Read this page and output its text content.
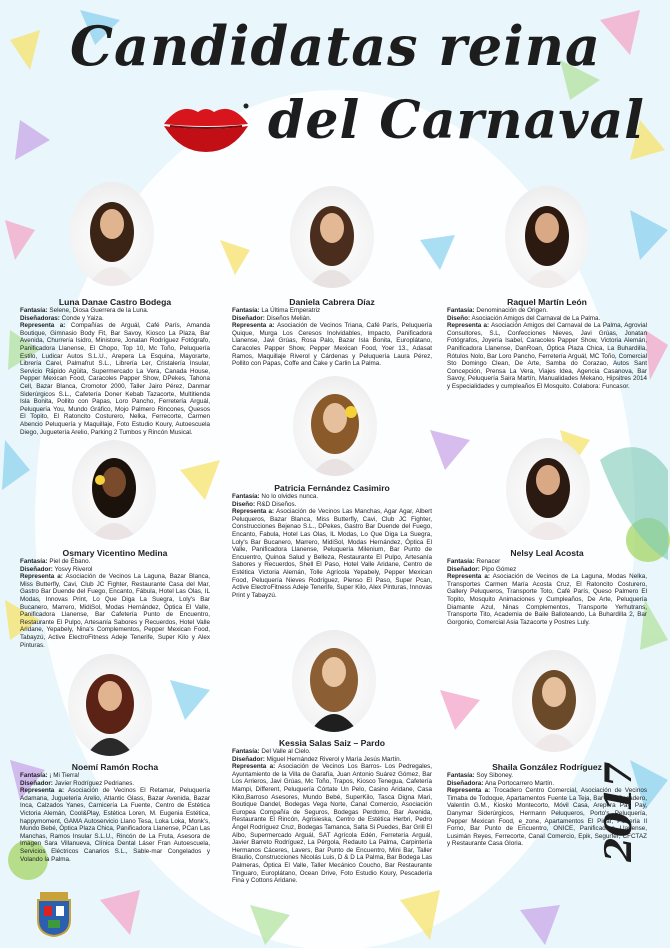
Candidatas reina
del Carnaval
Luna Danae Castro Bodega

Fantasía: Selene, Diosa Guerrera de la Luna.

Diseñadoras: Conde y Yaiza.

Representa a: Compañías de Arguál, Café París, Amanda Boutique, Gimnasio Body Fit, Bar Savoy, Kiosco La Plaza, Bar Avenida, Churrería Isidro, Ministore, Jonatan Rodríguez Fotógrafo, Panificadora Llanense, El Chopo, Top 10, Mc Toño, Peluquería Estilo, Ludicar Autos S.L.U., Arepera La Esquina, Mayorarte, Librería Carel, Palmafrut S.L., Librería Ler, Cristalería Insular, Servicio Rápido Agüita, Supermercado La Vera, Canada House, Pepper Mexican Food, Caracoles Papper Show, DPekes, Tahona Cell, Bazar Blanca, Cromotor 2000, Taller Jairo Pérez, Danmar Siderúrgicos S.L., Cafetería Doner Kebab Tazacorte, Multitienda Isla Bonita, Pollito con Papas, Loro Pancho, Ferretería Arguál, Peluquería You, Mundo Gráfico, Mojo Palmero Rincones, Quesos El Topito, El Ratoncito Costurero, Nelka, Ferrecorte, Carmen Abencio Peluquería y Maquillaje, Foto Estudio Koury, Autoescuela Diego, Juguetería Arelio, Parking 2 Tumbos y Rincón Musical.

Daniela Cabrera Díaz

Fantasía: La Última Emperatriz

Diseñador: Diseños Melián.

Representa a: Asociación de Vecinos Triana, Café París, Peluquería Quique, Murga Los Ceresos Inolvidables, Impacto, Panificadora Llanense, Javi Grúas, Rosa Palo, Bazar Isla Bonita, Europlátano, Caracoles Papper Show, Pepper Mexican Food, Yoer 13., Adasat Ramos, Maquillaje Riverol y Cárdenas y Peluquería Laura Pérez, Pollito con Papas, Coffe and Cake y Carlin La Palma.

Raquel Martín León

Fantasía: Denominación de Origen.

Diseño: Asociación Amigos del Carnaval de La Palma.

Representa a: Asociación Amigos del Carnaval de La Palma, Agrovial Consultores, S.L, Confecciones Nieves, Javi Grúas, Jonatan Fotógrafos, Joyería Isabel, Caracoles Papper Show, Victoria Alemán, Panificadora Llanense, DanRoan, Óptica Plaza Chica, La Buhardilla, Rótulos Nolo, Bar Loro Pancho, Ferretería Arguál, MC Toño, Comercial Sto Domingo Clean, De Arte, Samba do Corazao, Autos Sant Concepción, Prensa La Vera, Viajes Idea, Agencia Casanova, Bar Savoy, Peluquería Saira Martín, Manualidades Mekano, Hipsitres 2014 y Especialidades y cumpleaños El Mosquito. Colabora: Funcasor.

Patricia Fernández Casimiro

Fantasía: No lo olvides nunca.

Diseño: R&D Diseños.

Representa a: Asociación de Vecinos Las Manchas, Agar Agar, Albert Peluqueros, Bazar Blanca, Miss Butterfly, Cavi, Club JC Fighter, Construcciones Bejenao S.L., DPekes, Gastro Bar Duende del Fuego, Encanto, Fabula, Hotel Las Olas, IL Modas, Lo Que Diga La Suegra, Loly's Bar Bucanero, Marrero, MidiSol, Modas Hernández, Óptica El Valle, Panificadora Llanense, Peluquería Milenium, Bar Punto de Encuentro, Quinoa Salud y Belleza, Restaurante El Pulpo, Artesanía Sabores y Recuerdos, Shell El Paso, Hotel Valle Aridane, Centro de Estética Victoria Alemán, Tolle Agrícola Yepabely, Pepper Mexican Food, Peluquería Nieves Rodríguez, Pienso El Paso, Super Pcan, Active ElectroFitness Adeje Tenerife, Super Kilo, Alex Pinturas, Innovas Print y Tabayzú.

Osmary Vicentino Medina

Fantasía: Piel de Ébano.

Diseñador: Yosvy Riverol

Representa a: Asociación de Vecinos La Laguna, Bazar Blanca, Miss Butterfly, Cavi, Club JC Fighter, Restaurante Casa del Mar, Gastro Bar Duende del Fuego, Encanto, Fábula, Hotel Las Olas, IL Modas, Innovas Print, Lo Que Diga La Suegra, Loly's Bar Bucanero, Marrero, MidiSol, Modas Hernández, Óptica El Valle, Panificadora Llanense, Bar Cafetería Punto de Encuentro, Restaurante El Pulpo, Artesanía Sabores y Recuerdos, Hotel Valle Aridane, Yepabely, Nina's Complementos, Pepper Mexican Food, Tabayzú, Active ElectroFitness Adeje Tenerife, Super Kilo y Alex Pinturas.

Nelsy Leal Acosta

Fantasía: Renacer

Diseñador: Pipo Gómez

Representa a: Asociación de Vecinos de La Laguna, Modas Nelka, Transportes Carmen María Acosta Cruz, El Ratoncito Costurero, Gallery Peluqueros, Transporte Toto, Café París, Queso Palmero El Topito, Mosquito Animaciones y Cumpleaños, De Arte, Peluquería Diamante Azul, Ninas Complementos, Transporte Yerhutrans, Transporte Tito, Academia de Baile Balloteando, La Buhardilla 2, Bar Gorgonio, Comercial Asia Tazacorte y Postres Luly.

Noemí Ramón Rocha

Fantasía: ¡ Mi Tierra!

Diseñador: Javier Rodríguez Pedrianes.

Representa a: Asociación de Vecinos El Retamar, Peluquería Adamana, Juguetería Arelio, Atlantic Glass, Bazar Avenida, Bazar Inca, Calzados Yanes, Carnicería La Fuente, Centro de Estética Victoria Alemán, Cool&Play, Estética Loren, M. Eugenia Estética, happymoment, GAMA Autoservicio Llano Tesa, Loka Loka, Monk's, Mundo Bebé, Óptica Plaza Chica, Panificadora Llanense, PCan Las Manchas, Ramos Insular S.L.U., Rincón de La Fruta, Asesora de Imagen Sara Villanueva, Clínica Dental Láser Fran Autoescuela, Servicios Eléctricos Canarios S.L., Sable-mar Congelados y Volando la Palma.

Kessia Salas Saiz – Pardo

Fantasía: Del Valle al Cielo.

Diseñador: Miguel Hernández Riverol y María Jesús Martín.

Representa a: Asociación de Vecinos Los Barros- Los Pedregales, Ayuntamiento de la Villa de Garafía, Juan Antonio Suárez Gómez, Bar Los Arrieros, Javi Grúas, Mc Toño, Trapos, Kiosco Tenegua, Cafetería Mampi, Different, Peluquería Córtate Un Pelo, Casino Aridane, Casa Kiko,Barroso Asesores, Mundo Bebé, SuperKilo, Tasca Digna Mari, Boutique Dandel, Bodegas Vega Norte, Canal Comercio, Asociación Europea Compañía de Seguros, Bodegas Perdomo, Bar Avenida, Restaurante El Rincón, Agrisieska, Centro de Estética Herbri, Pedro Ángel Rodríguez Cruz, Bodegas Tamanca, Salta Si Puedes, Bar Grill El Albo, Supermercado Arguál, SAT Agrícola Edén, Ferretería Arguál, Javier Barreto Rodríguez, La Pérgola, Redauto La Palma, Carpintería Hermanos Cáceres, Lavers, Bar Punto de Encuentro, Mini Bar, Taller Braulio, Construcciones Nicolás Luis, D & D La Palma, Bar Bodega Las Palmeras, Óptica El Valle, Taller Mecánico Coucho, Bar Restaurante Tinguaro, Europlátano, Ocean Drive, Foto Estudio Koury, Pescadería Fina y Cottons Aridane.

Shaila González Rodríguez

Fantasía: Soy Siboney.

Diseñadora: Ana Portocarrero Martín.

Representa a: Trocadero Centro Comercial, Asociación de Vecinos Timaba de Todoque, Apartamentos Fuente La Teja, Bar Grill Secadero, Valentín G.M., Kiosko Montecorto, Móvil Casa, Arepera Pay Pay, Danymar Siderúrgicos, Hermann Peluqueros, Porto's Peluquería, Pepper Mexican Food, e_zone, Apartamentos El Pinar, Pizzería Il Forno, Bar Punto de Encuentro, ONICE, Panificadora Llanense, Lusimán Reyes, Ferrecorte, Canal Comercio, Epik, Segurfer, CFCTAZ y Restaurante Casa Gloria.	2017
